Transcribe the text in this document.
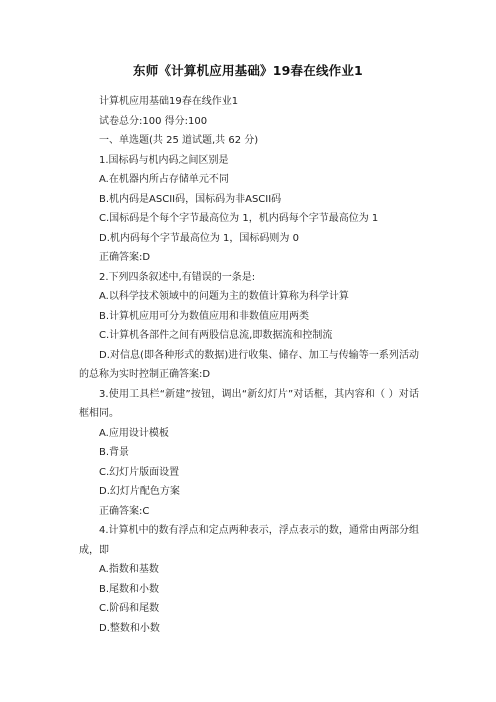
东师《计算机应用基础》19春在线作业1

计算机应用基础19春在线作业1

试卷总分:100 得分:100

一、单选题(共 25 道试题,共 62 分)

1.国标码与机内码之间区别是

A.在机器内所占存储单元不同

B.机内码是ASCII码，国标码为非ASCII码

C.国标码是个每个字节最高位为 1，机内码每个字节最高位为 1

D.机内码每个字节最高位为 1，国标码则为 0

正确答案:D

2.下列四条叙述中,有错误的一条是:

A.以科学技术领域中的问题为主的数值计算称为科学计算

B.计算机应用可分为数值应用和非数值应用两类

C.计算机各部件之间有两股信息流,即数据流和控制流

D.对信息(即各种形式的数据)进行收集、储存、加工与传输等一系列活动的总称为实时控制正确答案:D

3.使用工具栏“新建”按钮，调出“新幻灯片”对话框，其内容和（ ）对话框相同。

A.应用设计模板

B.背景

C.幻灯片版面设置

D.幻灯片配色方案

正确答案:C

4.计算机中的数有浮点和定点两种表示，浮点表示的数，通常由两部分组成，即

A.指数和基数

B.尾数和小数

C.阶码和尾数

D.整数和小数
